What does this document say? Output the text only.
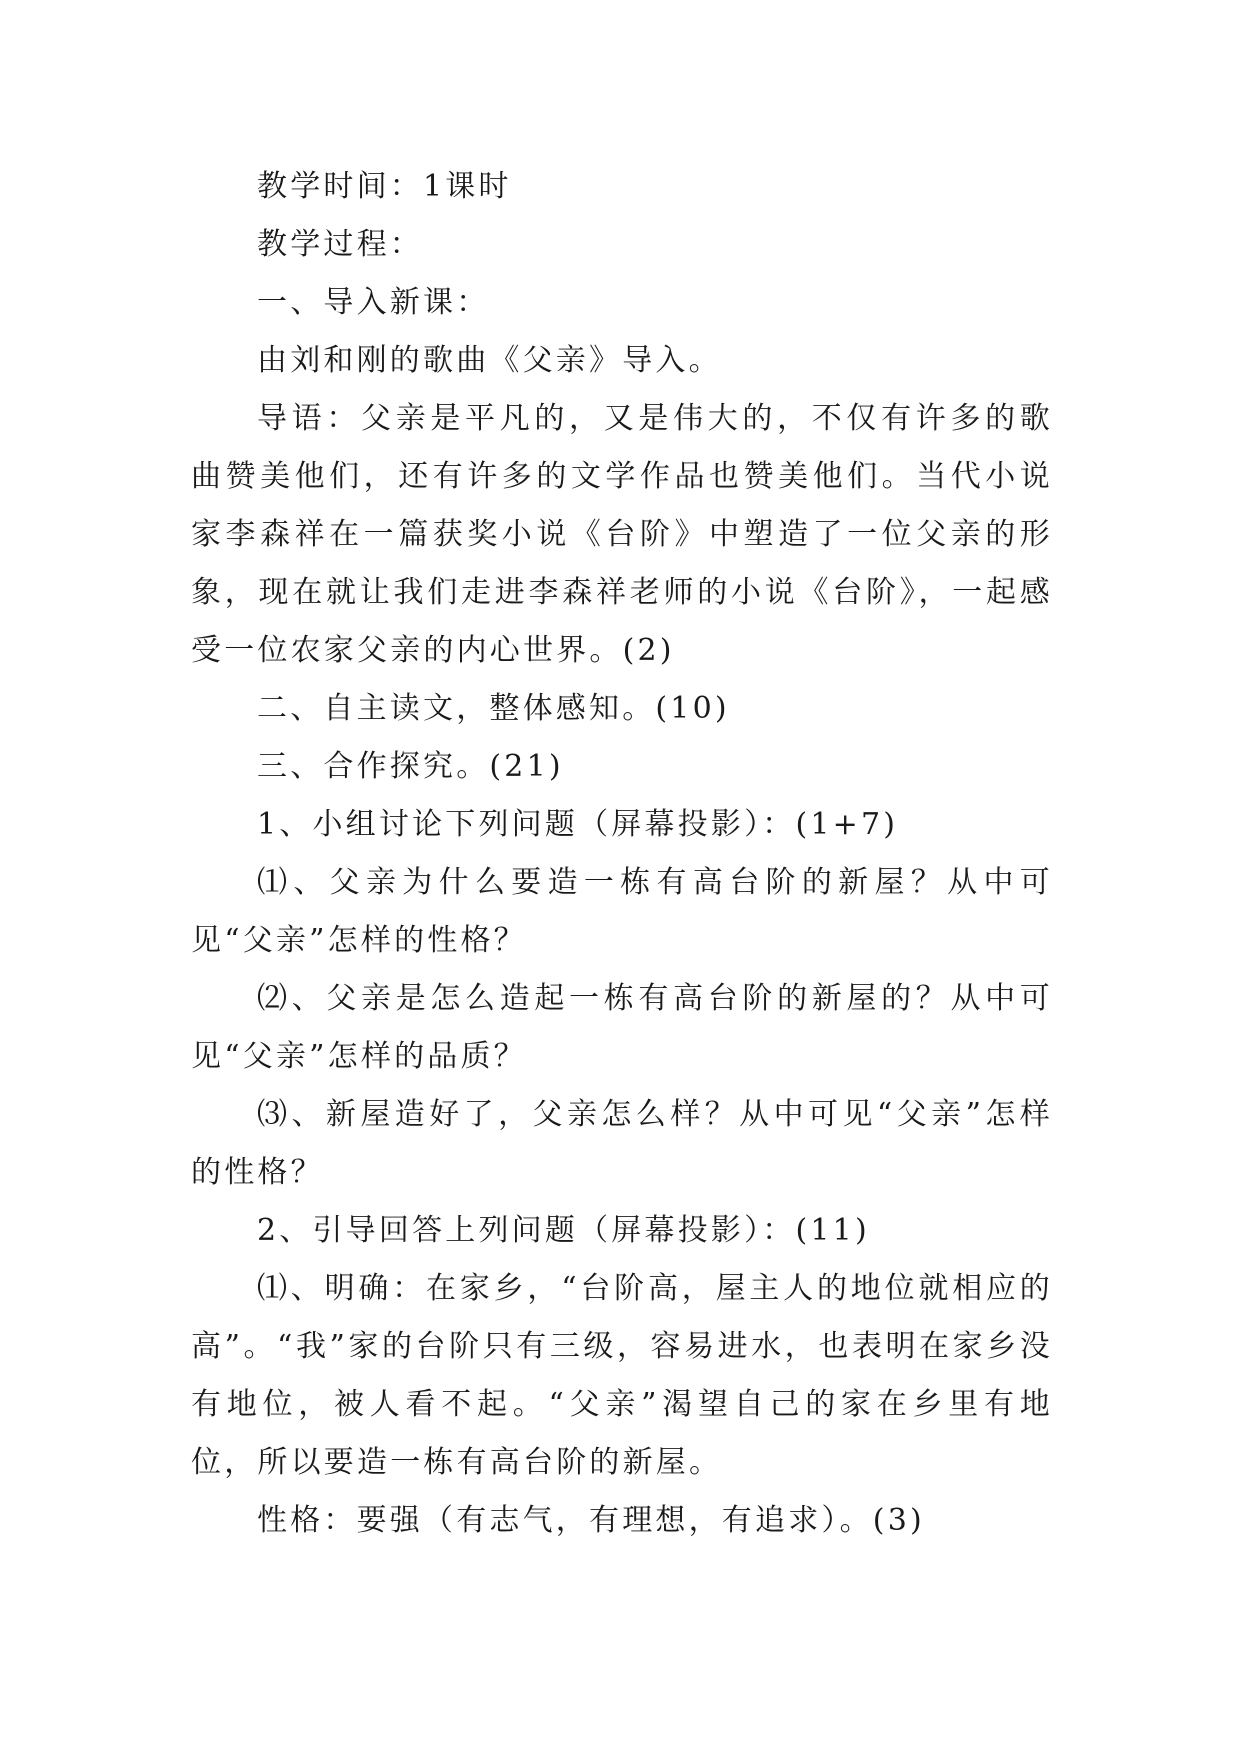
教学时间：1课时

教学过程：

一、导入新课：

由刘和刚的歌曲《父亲》导入。

导语：父亲是平凡的，又是伟大的，不仅有许多的歌曲赞美他们，还有许多的文学作品也赞美他们。当代小说家李森祥在一篇获奖小说《台阶》中塑造了一位父亲的形象，现在就让我们走进李森祥老师的小说《台阶》，一起感受一位农家父亲的内心世界。(2)

二、自主读文，整体感知。(10)

三、合作探究。(21)

1、小组讨论下列问题（屏幕投影）：(1+7)

⑴、父亲为什么要造一栋有高台阶的新屋？从中可见“父亲”怎样的性格？

⑵、父亲是怎么造起一栋有高台阶的新屋的？从中可见“父亲”怎样的品质？

⑶、新屋造好了，父亲怎么样？从中可见“父亲”怎样的性格？

2、引导回答上列问题（屏幕投影）：(11)

⑴、明确：在家乡，“台阶高，屋主人的地位就相应的高”。“我”家的台阶只有三级，容易进水，也表明在家乡没有地位，被人看不起。“父亲”渴望自己的家在乡里有地位，所以要造一栋有高台阶的新屋。

性格：要强（有志气，有理想，有追求）。(3)
